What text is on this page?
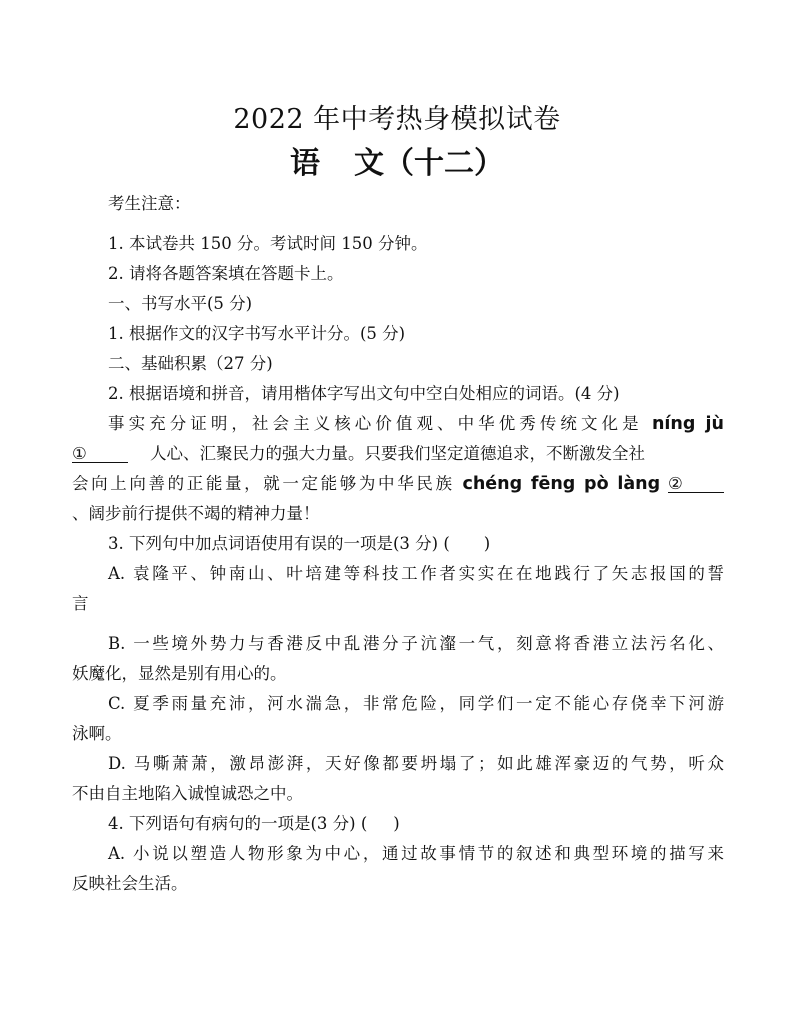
2022 年中考热身模拟试卷
语 文（十二）
考生注意：
1. 本试卷共 150 分。考试时间 150 分钟。
2. 请将各题答案填在答题卡上。
一、书写水平(5 分)
1. 根据作文的汉字书写水平计分。(5 分)
二、基础积累（27 分)
2. 根据语境和拼音，请用楷体字写出文句中空白处相应的词语。(4 分)
事实充分证明，社会主义核心价值观、中华优秀传统文化是 níng jù
①	人心、汇聚民力的强大力量。只要我们坚定道德追求，不断激发全社
会向上向善的正能量，就一定能够为中华民族 chéng fēng pò làng ②
、阔步前行提供不竭的精神力量！
3. 下列句中加点词语使用有误的一项是(3 分) ( )
A. 袁隆平、钟南山、叶培建等科技工作者实实在在地践行了矢志报国的誓
言
B. 一些境外势力与香港反中乱港分子沆瀣一气，刻意将香港立法污名化、
妖魔化，显然是别有用心的。
C. 夏季雨量充沛，河水湍急，非常危险，同学们一定不能心存侥幸下河游
泳啊。
D. 马嘶萧萧，激昂澎湃，天好像都要坍塌了；如此雄浑豪迈的气势，听众
不由自主地陷入诚惶诚恐之中。
4. 下列语句有病句的一项是(3 分) ( )
A. 小说以塑造人物形象为中心，通过故事情节的叙述和典型环境的描写来
反映社会生活。
